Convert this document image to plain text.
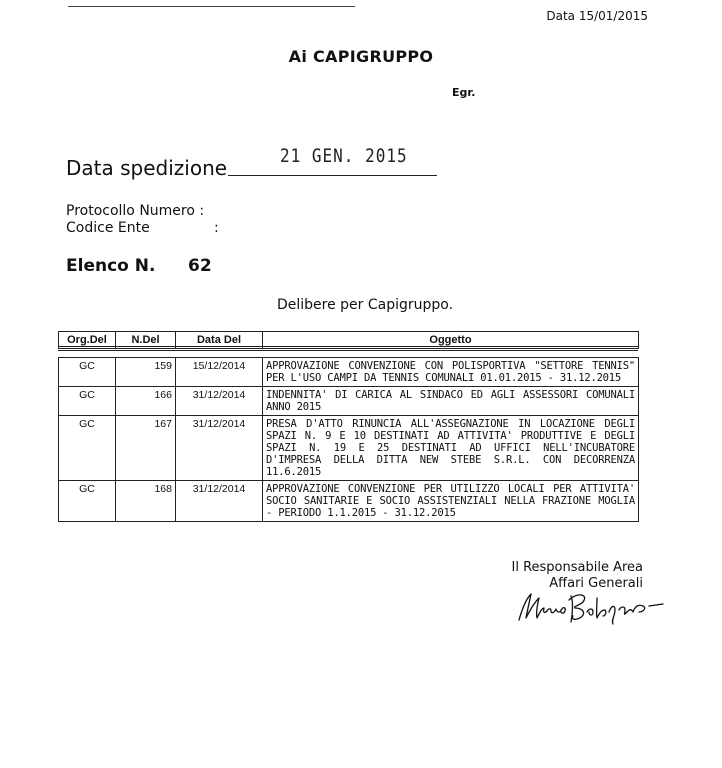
Data 15/01/2015
Ai CAPIGRUPPO
Egr.
Data spedizione
21 GEN. 2015
Protocollo Numero :
Codice Ente	:
Elenco N. 62
Delibere per Capigruppo.
Org.Del	N.Del	Data Del	Oggetto
GC	159	15/12/2014	APPROVAZIONE CONVENZIONE CON POLISPORTIVA "SETTORE TENNIS" PER L'USO CAMPI DA TENNIS COMUNALI 01.01.2015 - 31.12.2015
GC	166	31/12/2014	INDENNITA' DI CARICA AL SINDACO ED AGLI ASSESSORI COMUNALI ANNO 2015
GC	167	31/12/2014	PRESA D'ATTO RINUNCIA ALL'ASSEGNAZIONE IN LOCAZIONE DEGLI SPAZI N. 9 E 10 DESTINATI AD ATTIVITA' PRODUTTIVE E DEGLI SPAZI N. 19 E 25 DESTINATI AD UFFICI NELL'INCUBATORE D'IMPRESA DELLA DITTA NEW STEBE S.R.L. CON DECORRENZA 11.6.2015
GC	168	31/12/2014	APPROVAZIONE CONVENZIONE PER UTILIZZO LOCALI PER ATTIVITA' SOCIO SANITARIE E SOCIO ASSISTENZIALI NELLA FRAZIONE MOGLIA - PERIODO 1.1.2015 - 31.12.2015
Il Responsabile Area
Affari Generali
